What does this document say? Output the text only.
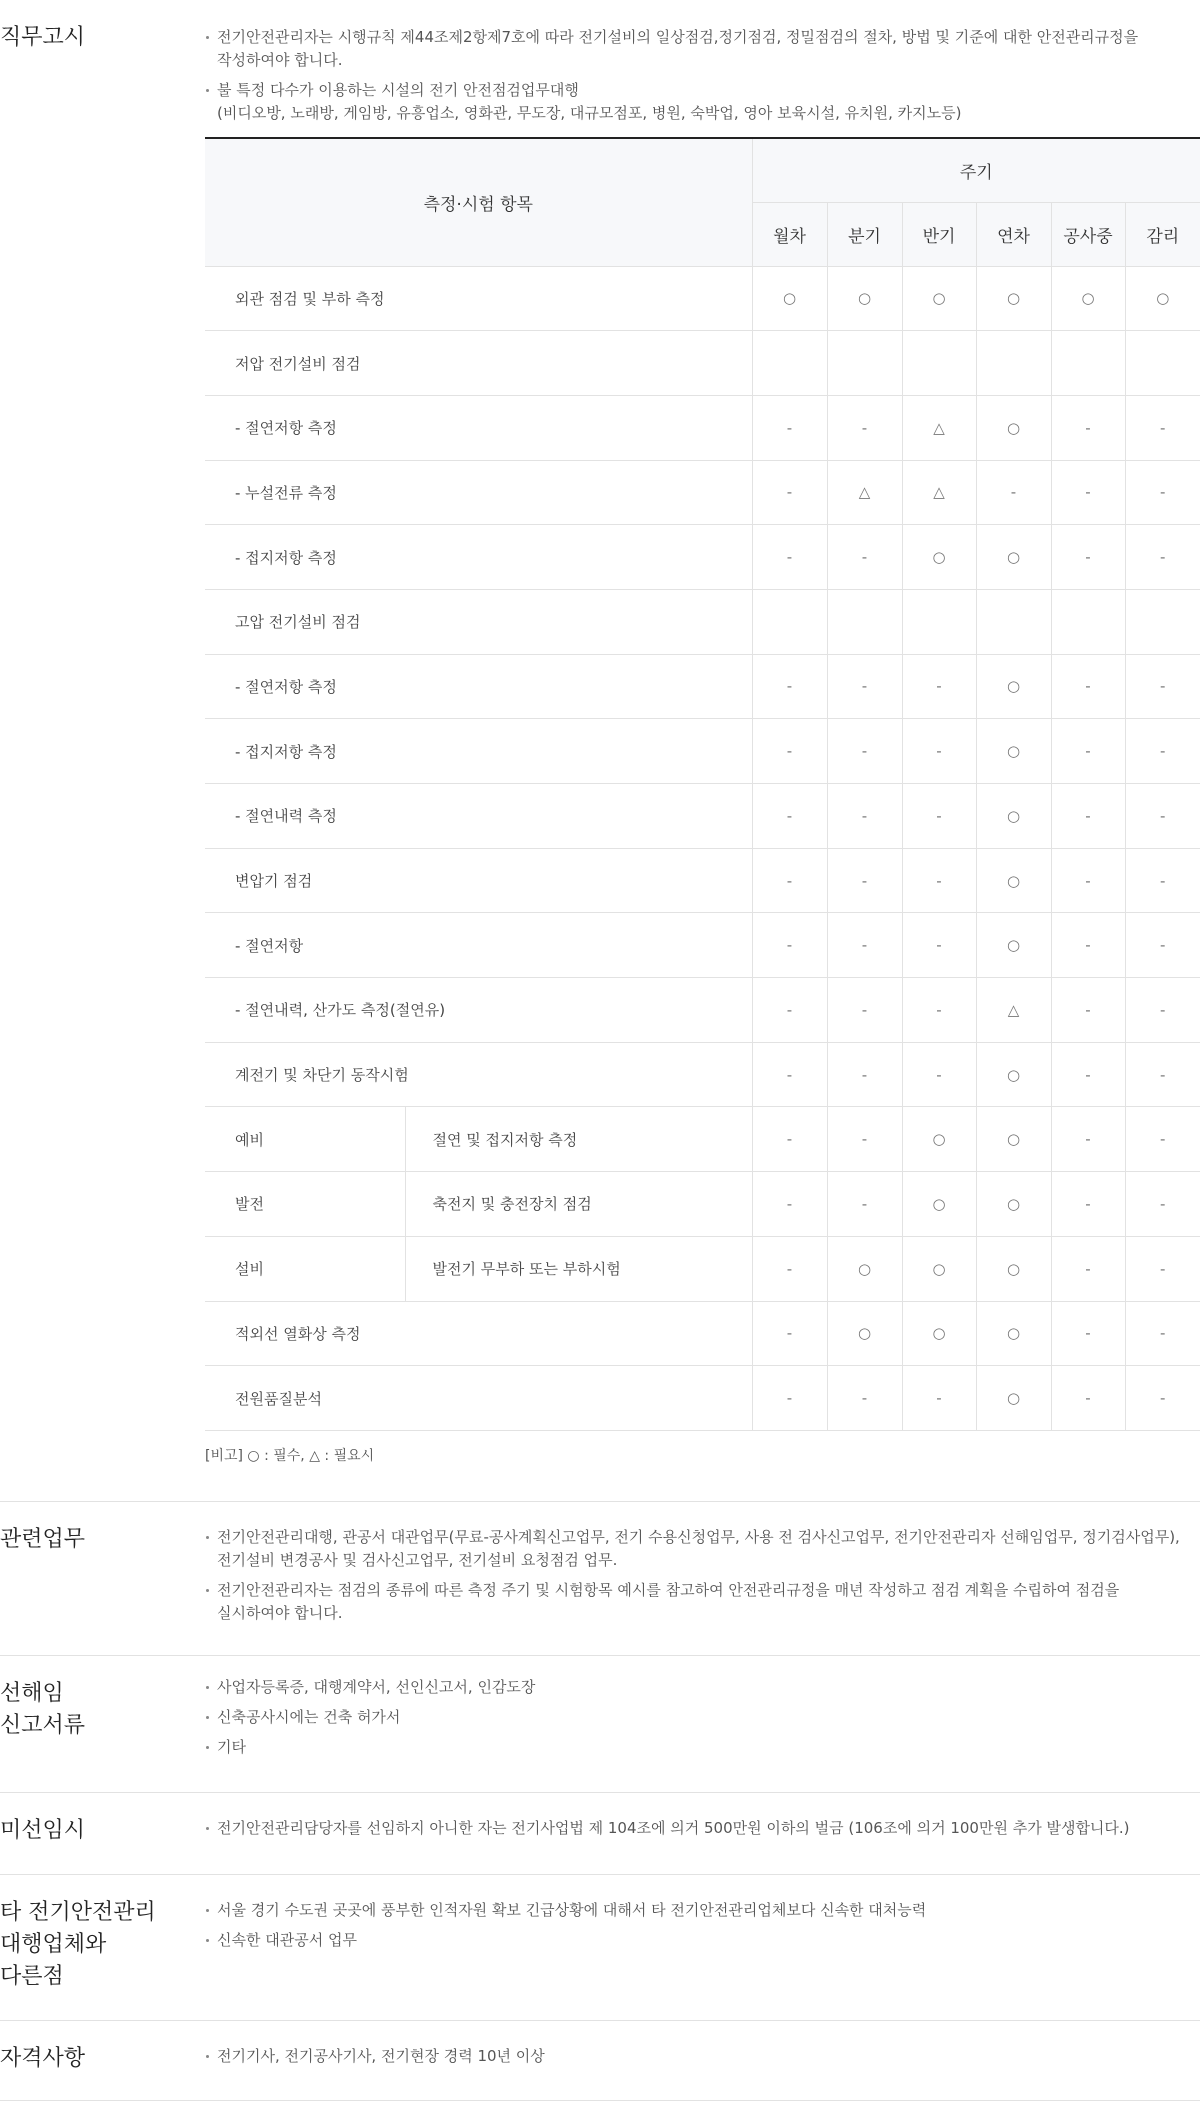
직무고시	전기안전관리자는 시행규칙 제44조제2항제7호에 따라 전기설비의 일상점검,정기점검, 정밀점검의 절차, 방법 및 기준에 대한 안전관리규정을
작성하여야 합니다.
불 특정 다수가 이용하는 시설의 전기 안전점검업무대행
(비디오방, 노래방, 게임방, 유흥업소, 영화관, 무도장, 대규모점포, 병원, 숙박업, 영아 보육시설, 유치원, 카지노등)
측정·시험 항목		주기					
		월차	분기	반기	연차	공사중	감리
외관 점검 및 부하 측정		○	○	○	○	○	○
저압 전기설비 점검							
- 절연저항 측정		-	-	△	○	-	-
- 누설전류 측정		-	△	△	-	-	-
- 접지저항 측정		-	-	○	○	-	-
고압 전기설비 점검							
- 절연저항 측정		-	-	-	○	-	-
- 접지저항 측정		-	-	-	○	-	-
- 절연내력 측정		-	-	-	○	-	-
변압기 점검		-	-	-	○	-	-
- 절연저항		-	-	-	○	-	-
- 절연내력, 산가도 측정(절연유)		-	-	-	△	-	-
계전기 및 차단기 동작시험		-	-	-	○	-	-
예비	절연 및 접지저항 측정	-	-	○	○	-	-
발전	축전지 및 충전장치 점검	-	-	○	○	-	-
설비	발전기 무부하 또는 부하시험	-	○	○	○	-	-
적외선 열화상 측정		-	○	○	○	-	-
전원품질분석		-	-	-	○	-	-
[비고] ○ : 필수, △ : 필요시
관련업무	전기안전관리대행, 관공서 대관업무(무료-공사계획신고업무, 전기 수용신청업무, 사용 전 검사신고업무, 전기안전관리자 선해임업무, 정기검사업무),
전기설비 변경공사 및 검사신고업무, 전기설비 요청점검 업무.
전기안전관리자는 점검의 종류에 따른 측정 주기 및 시험항목 예시를 참고하여 안전관리규정을 매년 작성하고 점검 계획을 수립하여 점검을
실시하여야 합니다.
선해임
신고서류
사업자등록증, 대행계약서, 선인신고서, 인감도장
신축공사시에는 건축 허가서
기타
미선임시	전기안전관리담당자를 선임하지 아니한 자는 전기사업법 제 104조에 의거 500만원 이하의 벌금 (106조에 의거 100만원 추가 발생합니다.)
타 전기안전관리
대행업체와
다른점
서울 경기 수도권 곳곳에 풍부한 인적자원 확보 긴급상황에 대해서 타 전기안전관리업체보다 신속한 대처능력
신속한 대관공서 업무
자격사항	전기기사, 전기공사기사, 전기현장 경력 10년 이상
